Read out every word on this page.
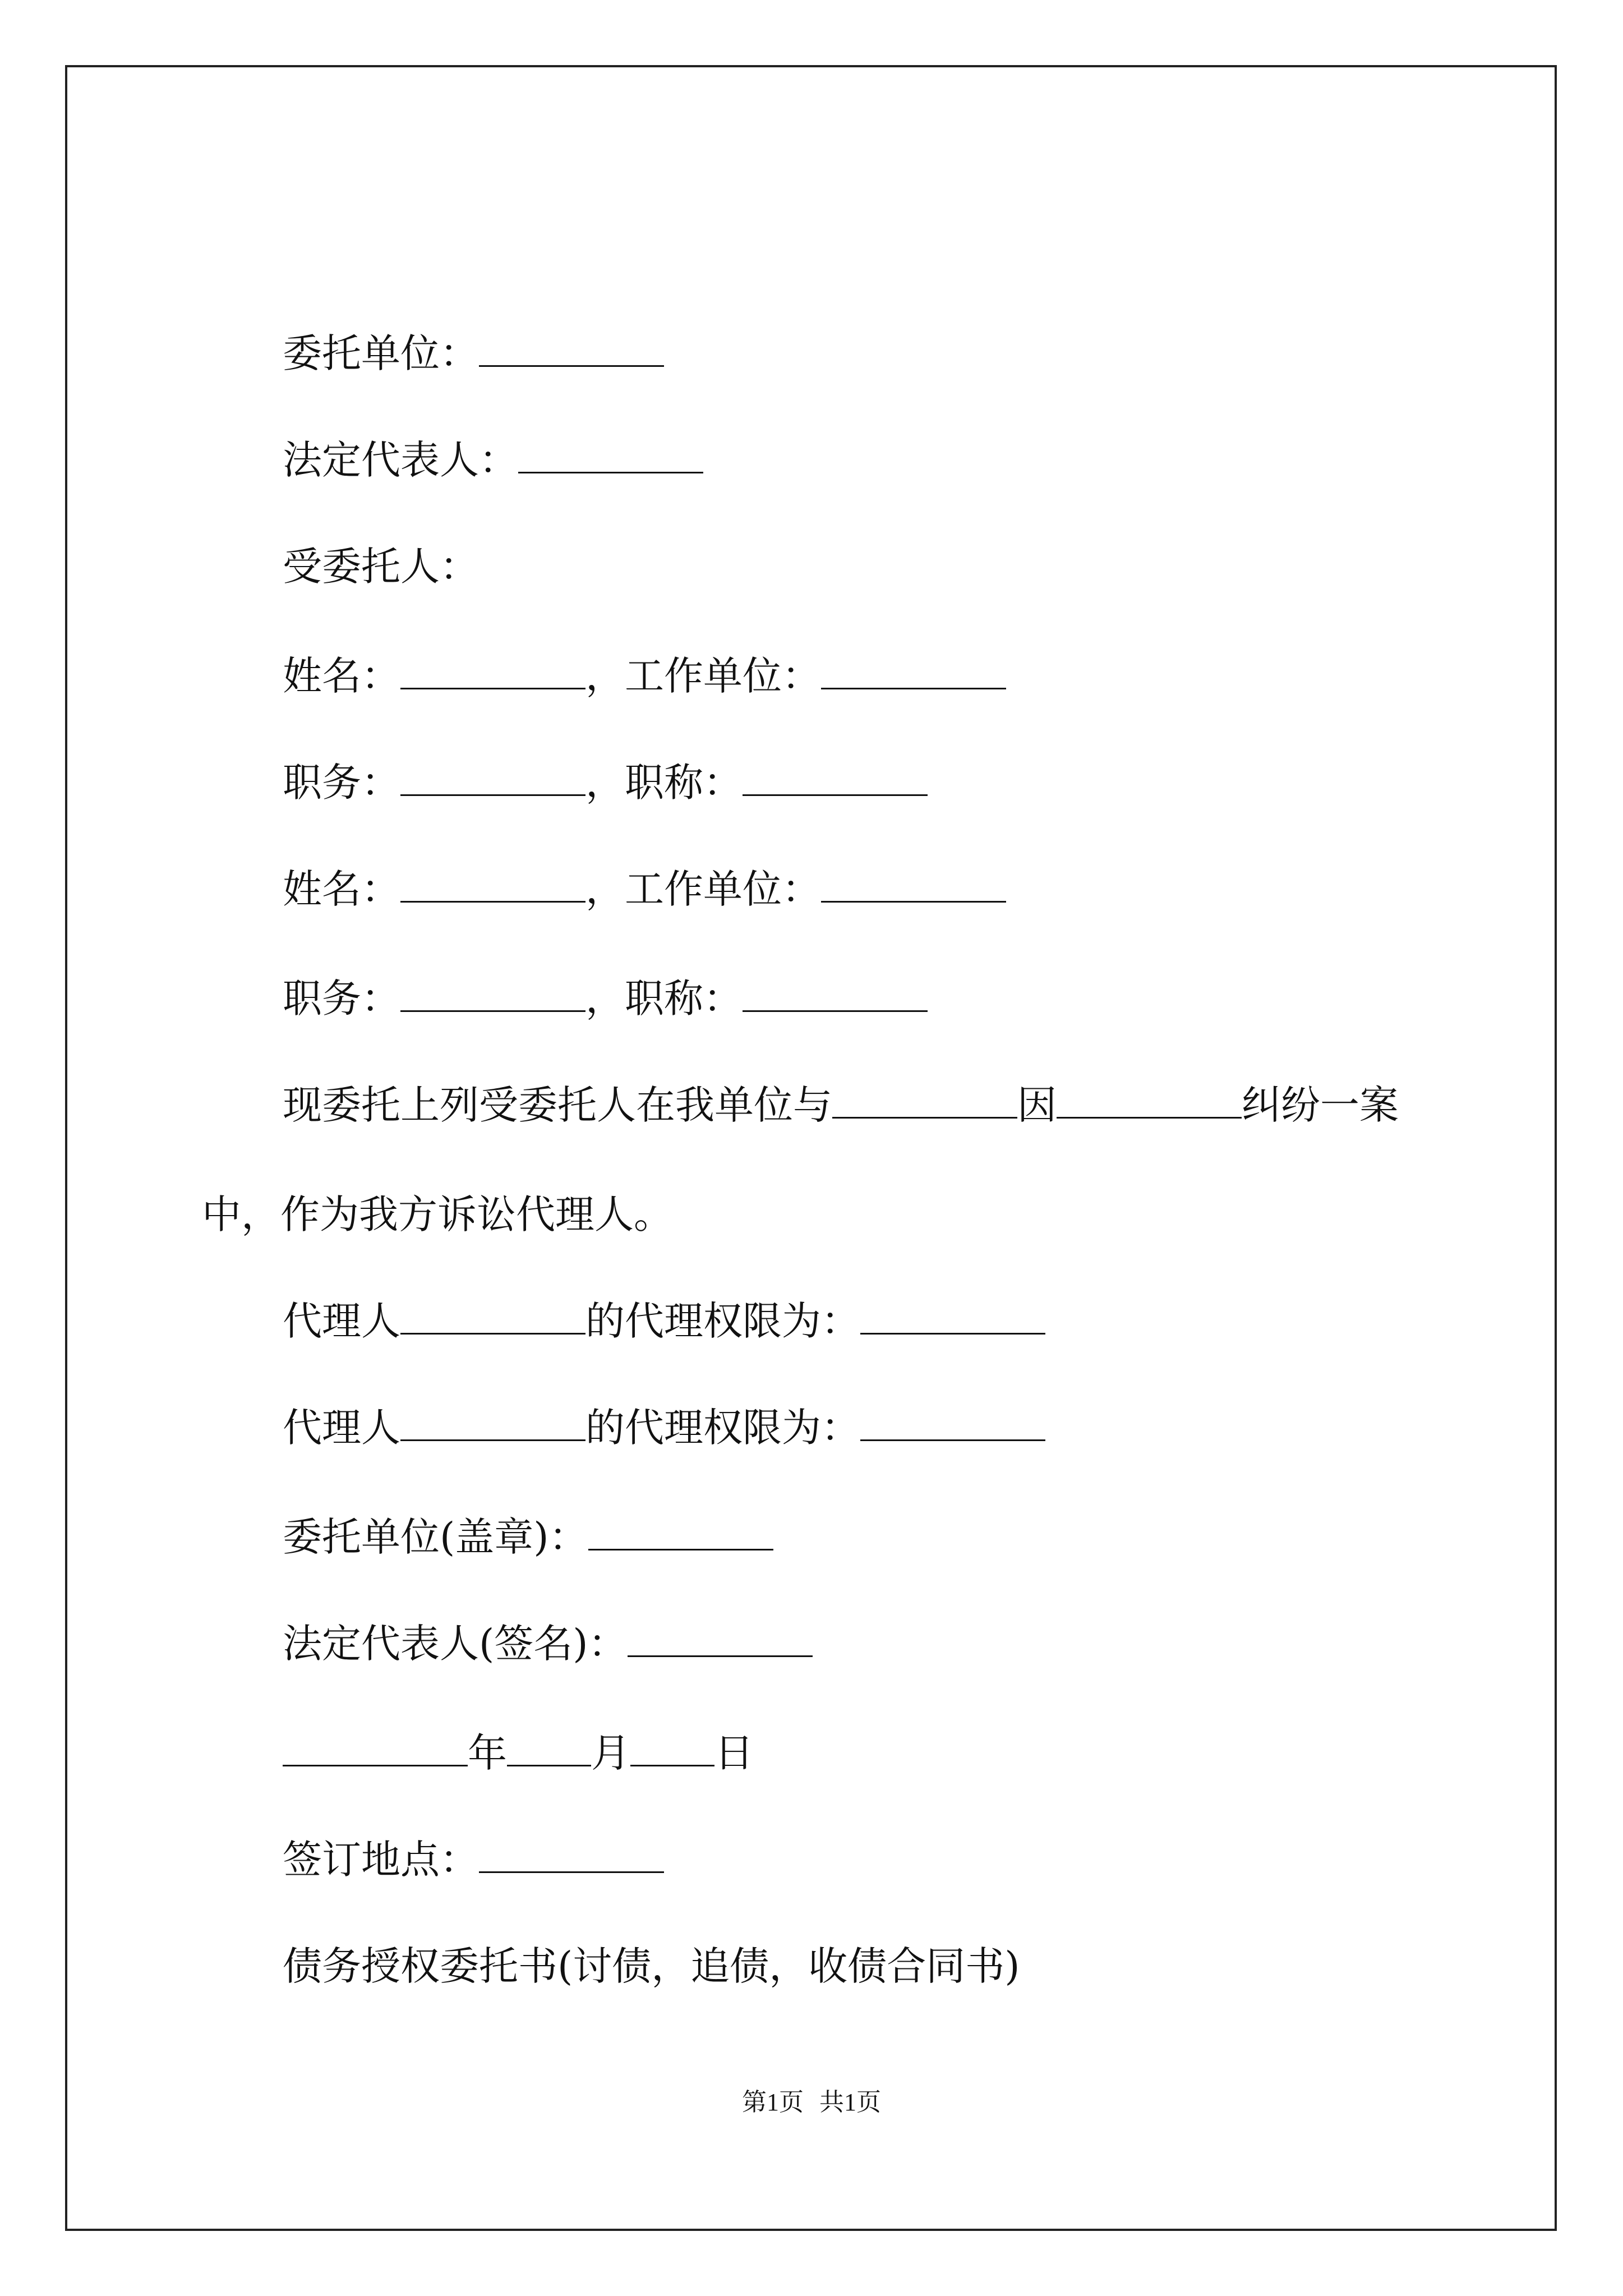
委托单位：
法定代表人：
受委托人：
姓名：	，工作单位：
职务：	，职称：
姓名：	，工作单位：
职务：	，职称：
现委托上列受委托人在我单位与	因	纠纷一案
中，作为我方诉讼代理人。
代理人	的代理权限为：
代理人	的代理权限为：
委托单位(盖章)：
法定代表人(签名)：
年 月 日
签订地点：
债务授权委托书(讨债，追债，收债合同书)
第1页 共1页
